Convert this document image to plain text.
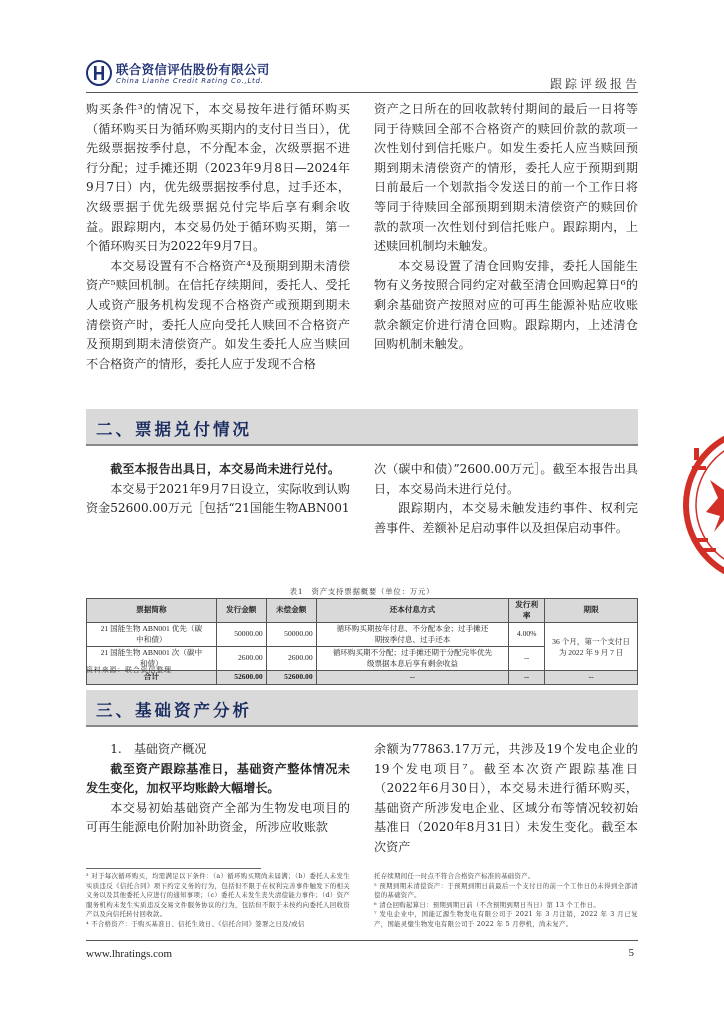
联合资信评估股份有限公司
China Lianhe Credit Rating Co.,Ltd.	跟踪评级报告

购买条件³的情况下，本交易按年进行循环购买（循环购买日为循环购买期内的支付日当日），优先级票据按季付息，不分配本金，次级票据不进行分配；过手摊还期（2023年9月8日—2024年9月7日）内，优先级票据按季付息，过手还本，次级票据于优先级票据兑付完毕后享有剩余收益。跟踪期内，本交易仍处于循环购买期，第一个循环购买日为2022年9月7日。

本交易设置有不合格资产⁴及预期到期未清偿资产⁵赎回机制。在信托存续期间，委托人、受托人或资产服务机构发现不合格资产或预期到期未清偿资产时，委托人应向受托人赎回不合格资产及预期到期未清偿资产。如发生委托人应当赎回不合格资产的情形，委托人应于发现不合格

资产之日所在的回收款转付期间的最后一日将等同于待赎回全部不合格资产的赎回价款的款项一次性划付到信托账户。如发生委托人应当赎回预期到期未清偿资产的情形，委托人应于预期到期日前最后一个划款指令发送日的前一个工作日将等同于待赎回全部预期到期未清偿资产的赎回价款的款项一次性划付到信托账户。跟踪期内，上述赎回机制均未触发。

本交易设置了清仓回购安排，委托人国能生物有义务按照合同约定对截至清仓回购起算日⁶的剩余基础资产按照对应的可再生能源补贴应收账款余额定价进行清仓回购。跟踪期内，上述清仓回购机制未触发。

二、票据兑付情况

截至本报告出具日，本交易尚未进行兑付。

本交易于2021年9月7日设立，实际收到认购资金52600.00万元［包括“21国能生物ABN001

次（碳中和债）”2600.00万元］。截至本报告出具日，本交易尚未进行兑付。

跟踪期内，本交易未触发违约事件、权利完善事件、差额补足启动事件以及担保启动事件。

表1　资产支持票据概要（单位：万元）
票据简称	发行金额	未偿金额	还本付息方式	发行利率	期限
21 国能生物 ABN001 优先（碳中和债）	50000.00	50000.00	循环购买期按年付息、不分配本金；过手摊还期按季付息、过手还本	4.00%	36 个月，第一个支付日为 2022 年 9 月 7 日
21 国能生物 ABN001 次（碳中和债）	2600.00	2600.00	循环购买期不分配；过手摊还期于分配完毕优先级票据本息后享有剩余收益	--	
合计	52600.00	52600.00	--	--	--
资料来源：联合资信整理
三、基础资产分析

1.　基础资产概况

截至资产跟踪基准日，基础资产整体情况未发生变化，加权平均账龄大幅增长。

本交易初始基础资产全部为生物发电项目的可再生能源电价附加补助资金，所涉应收账款

余额为77863.17万元，共涉及19个发电企业的19个发电项目⁷。截至本次资产跟踪基准日（2022年6月30日），本交易未进行循环购买，基础资产所涉发电企业、区域分布等情况较初始基准日（2020年8月31日）未发生变化。截至本次资产

³ 对于每次循环购买，均需满足以下条件：（a）循环购买期尚未届满；（b）委托人未发生实质违反《信托合同》项下约定义务的行为，包括但不限于在权利完善事件触发下的相关义务以及其他委托人应进行的通知事项；（c）委托人未发生丧失清偿能力事件；（d）资产服务机构未发生实质违反交易文件服务协议的行为，包括但不限于未按约向委托人回收资产以及向信托转付回收款。

⁴ 不合格资产：于购买基准日、信托生效日、《信托合同》签署之日及/或信

托存续期间任一时点不符合合格资产标准的基础资产。

⁵ 预期到期未清偿资产：于预期到期日前最后一个支付日的前一个工作日仍未得到全部清偿的基础资产。

⁶ 清仓回购起算日：预期到期日前（不含预期到期日当日）第 13 个工作日。

⁷ 发电企业中，国能辽源生物发电有限公司于 2021 年 3 月注销，2022 年 3 月已复产，国能灵璧生物发电有限公司于 2022 年 5 月停机，尚未复产。

www.lhratings.com	5
